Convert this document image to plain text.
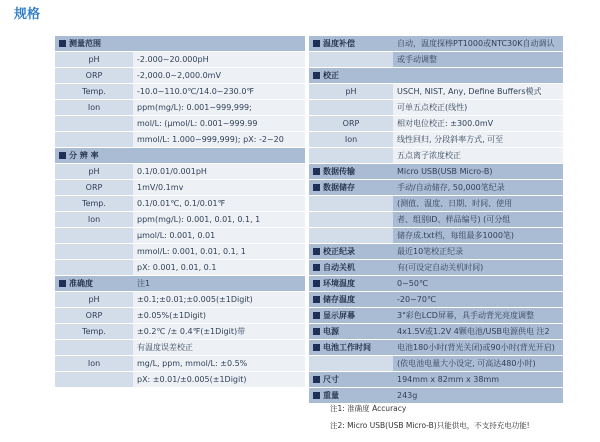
规格
测量范围	
pH	-2.000~20.000pH
ORP	-2,000.0~2,000.0mV
Temp.	-10.0~110.0℃/14.0~230.0℉
Ion	ppm(mg/L): 0.001~999,999;
	mol/L: (μmol/L: 0.001~999.99
	mmol/L: 1.000~999,999); pX: -2~20
分 辨 率	
pH	0.1/0.01/0.001pH
ORP	1mV/0.1mv
Temp.	0.1/0.01℃, 0.1/0.01℉
Ion	ppm(mg/L): 0.001, 0.01, 0.1, 1
	μmol/L: 0.001, 0.01
	mmol/L: 0.001, 0.01, 0.1, 1
	pX: 0.001, 0.01, 0.1
准确度	注1
pH	±0.1;±0.01;±0.005(±1Digit)
ORP	±0.05%(±1Digit)
Temp.	±0.2℃ /± 0.4℉(±1Digit)带
	有温度误差校正
Ion	mg/L, ppm, mmol/L: ±0.5%
	pX: ±0.01/±0.005(±1Digit)
温度补偿	自动，温度探棒PT1000或NTC30K自动调认
	或手动调整
校正	
pH	USCH, NIST, Any, Define Buffers模式
	可单五点校正(线性)
ORP	相对电位校正: ±300.0mV
Ion	线性回归, 分段斜率方式, 可至
	五点离子浓度校正
数据传输	Micro USB(USB Micro-B)
数据储存	手动/自动储存, 50,000笔纪录
	(测值、温度、日期、时间、使用
	者、组别ID、样品编号) (可分组
	储存成.txt档，每组最多1000笔)
校正纪录	最近10笔校正纪录
自动关机	有(可设定自动关机时间)
环境温度	0~50℃
储存温度	-20~70℃
显示屏幕	3"彩色LCD屏幕，具手动背光亮度调整
电源	4x1.5V或1.2V 4颗电池/USB电源供电 注2
电池工作时间	电池180小时(背光关闭)或90小时(背光开启)
	(依电池电量大小设定, 可高达480小时)
尺寸	194mm x 82mm x 38mm
重量	243g
注1: 准确度 Accuracy
注2: Micro USB(USB Micro-B)只能供电，不支持充电功能!
